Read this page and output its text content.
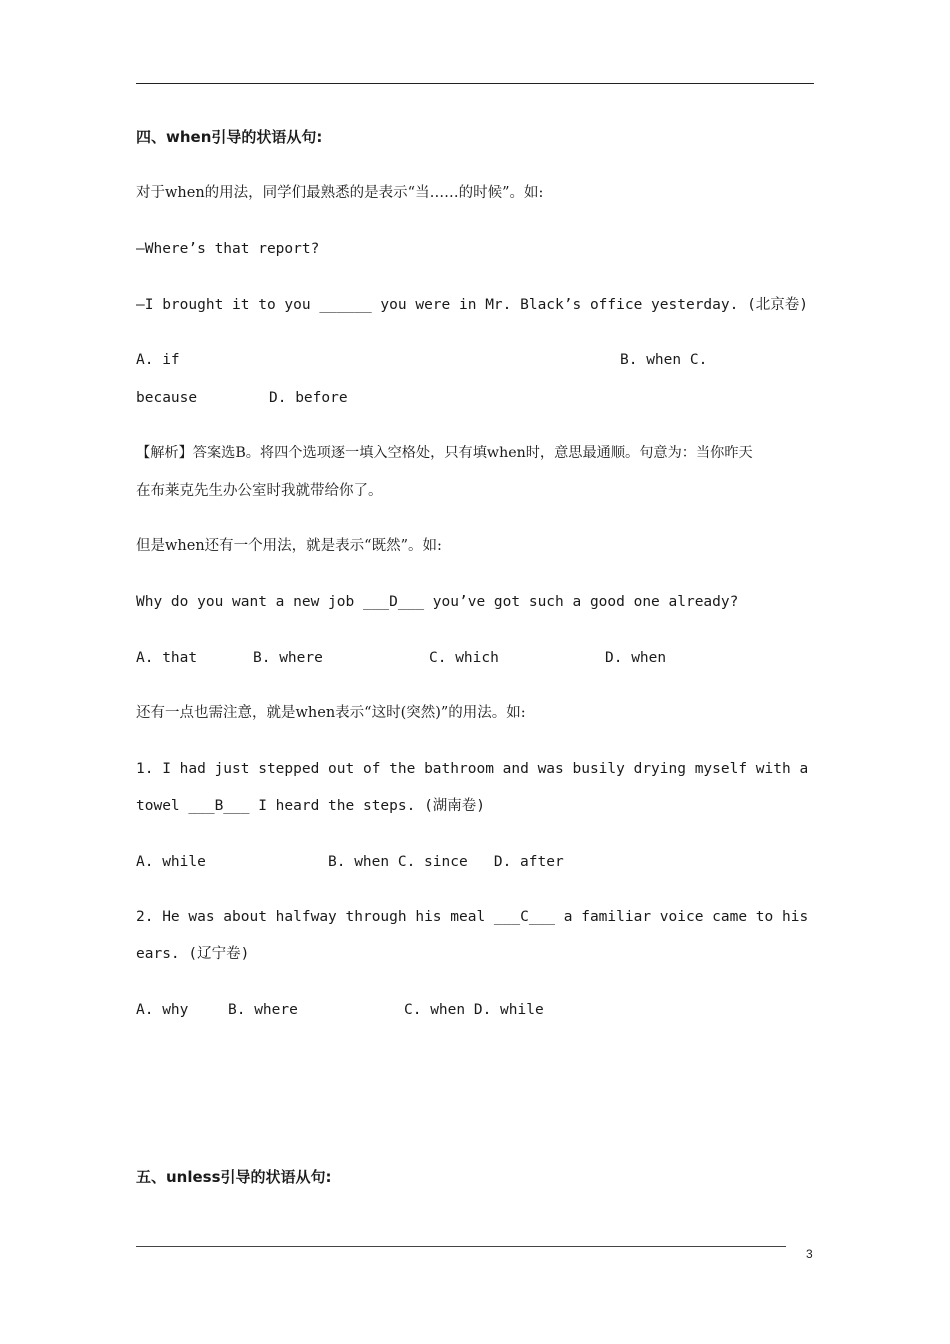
四、when引导的状语从句:
对于when的用法，同学们最熟悉的是表示“当……的时候”。如:
—Where’s that report?
—I brought it to you ______ you were in Mr. Black’s office yesterday. (北京卷)
A. if	B. when C.
because	D. before
【解析】答案选B。将四个选项逐一填入空格处，只有填when时，意思最通顺。句意为：当你昨天
在布莱克先生办公室时我就带给你了。
但是when还有一个用法，就是表示“既然”。如:
Why do you want a new job ___D___ you’ve got such a good one already?
A. that	B. where	C. which	D. when
还有一点也需注意，就是when表示“这时(突然)”的用法。如:
1. I had just stepped out of the bathroom and was busily drying myself with a
towel ___B___ I heard the steps. (湖南卷)
A. while	B. when C. since   D. after
2. He was about halfway through his meal ___C___ a familiar voice came to his
ears. (辽宁卷)
A. why	B. where	C. when D. while
五、unless引导的状语从句:
3
